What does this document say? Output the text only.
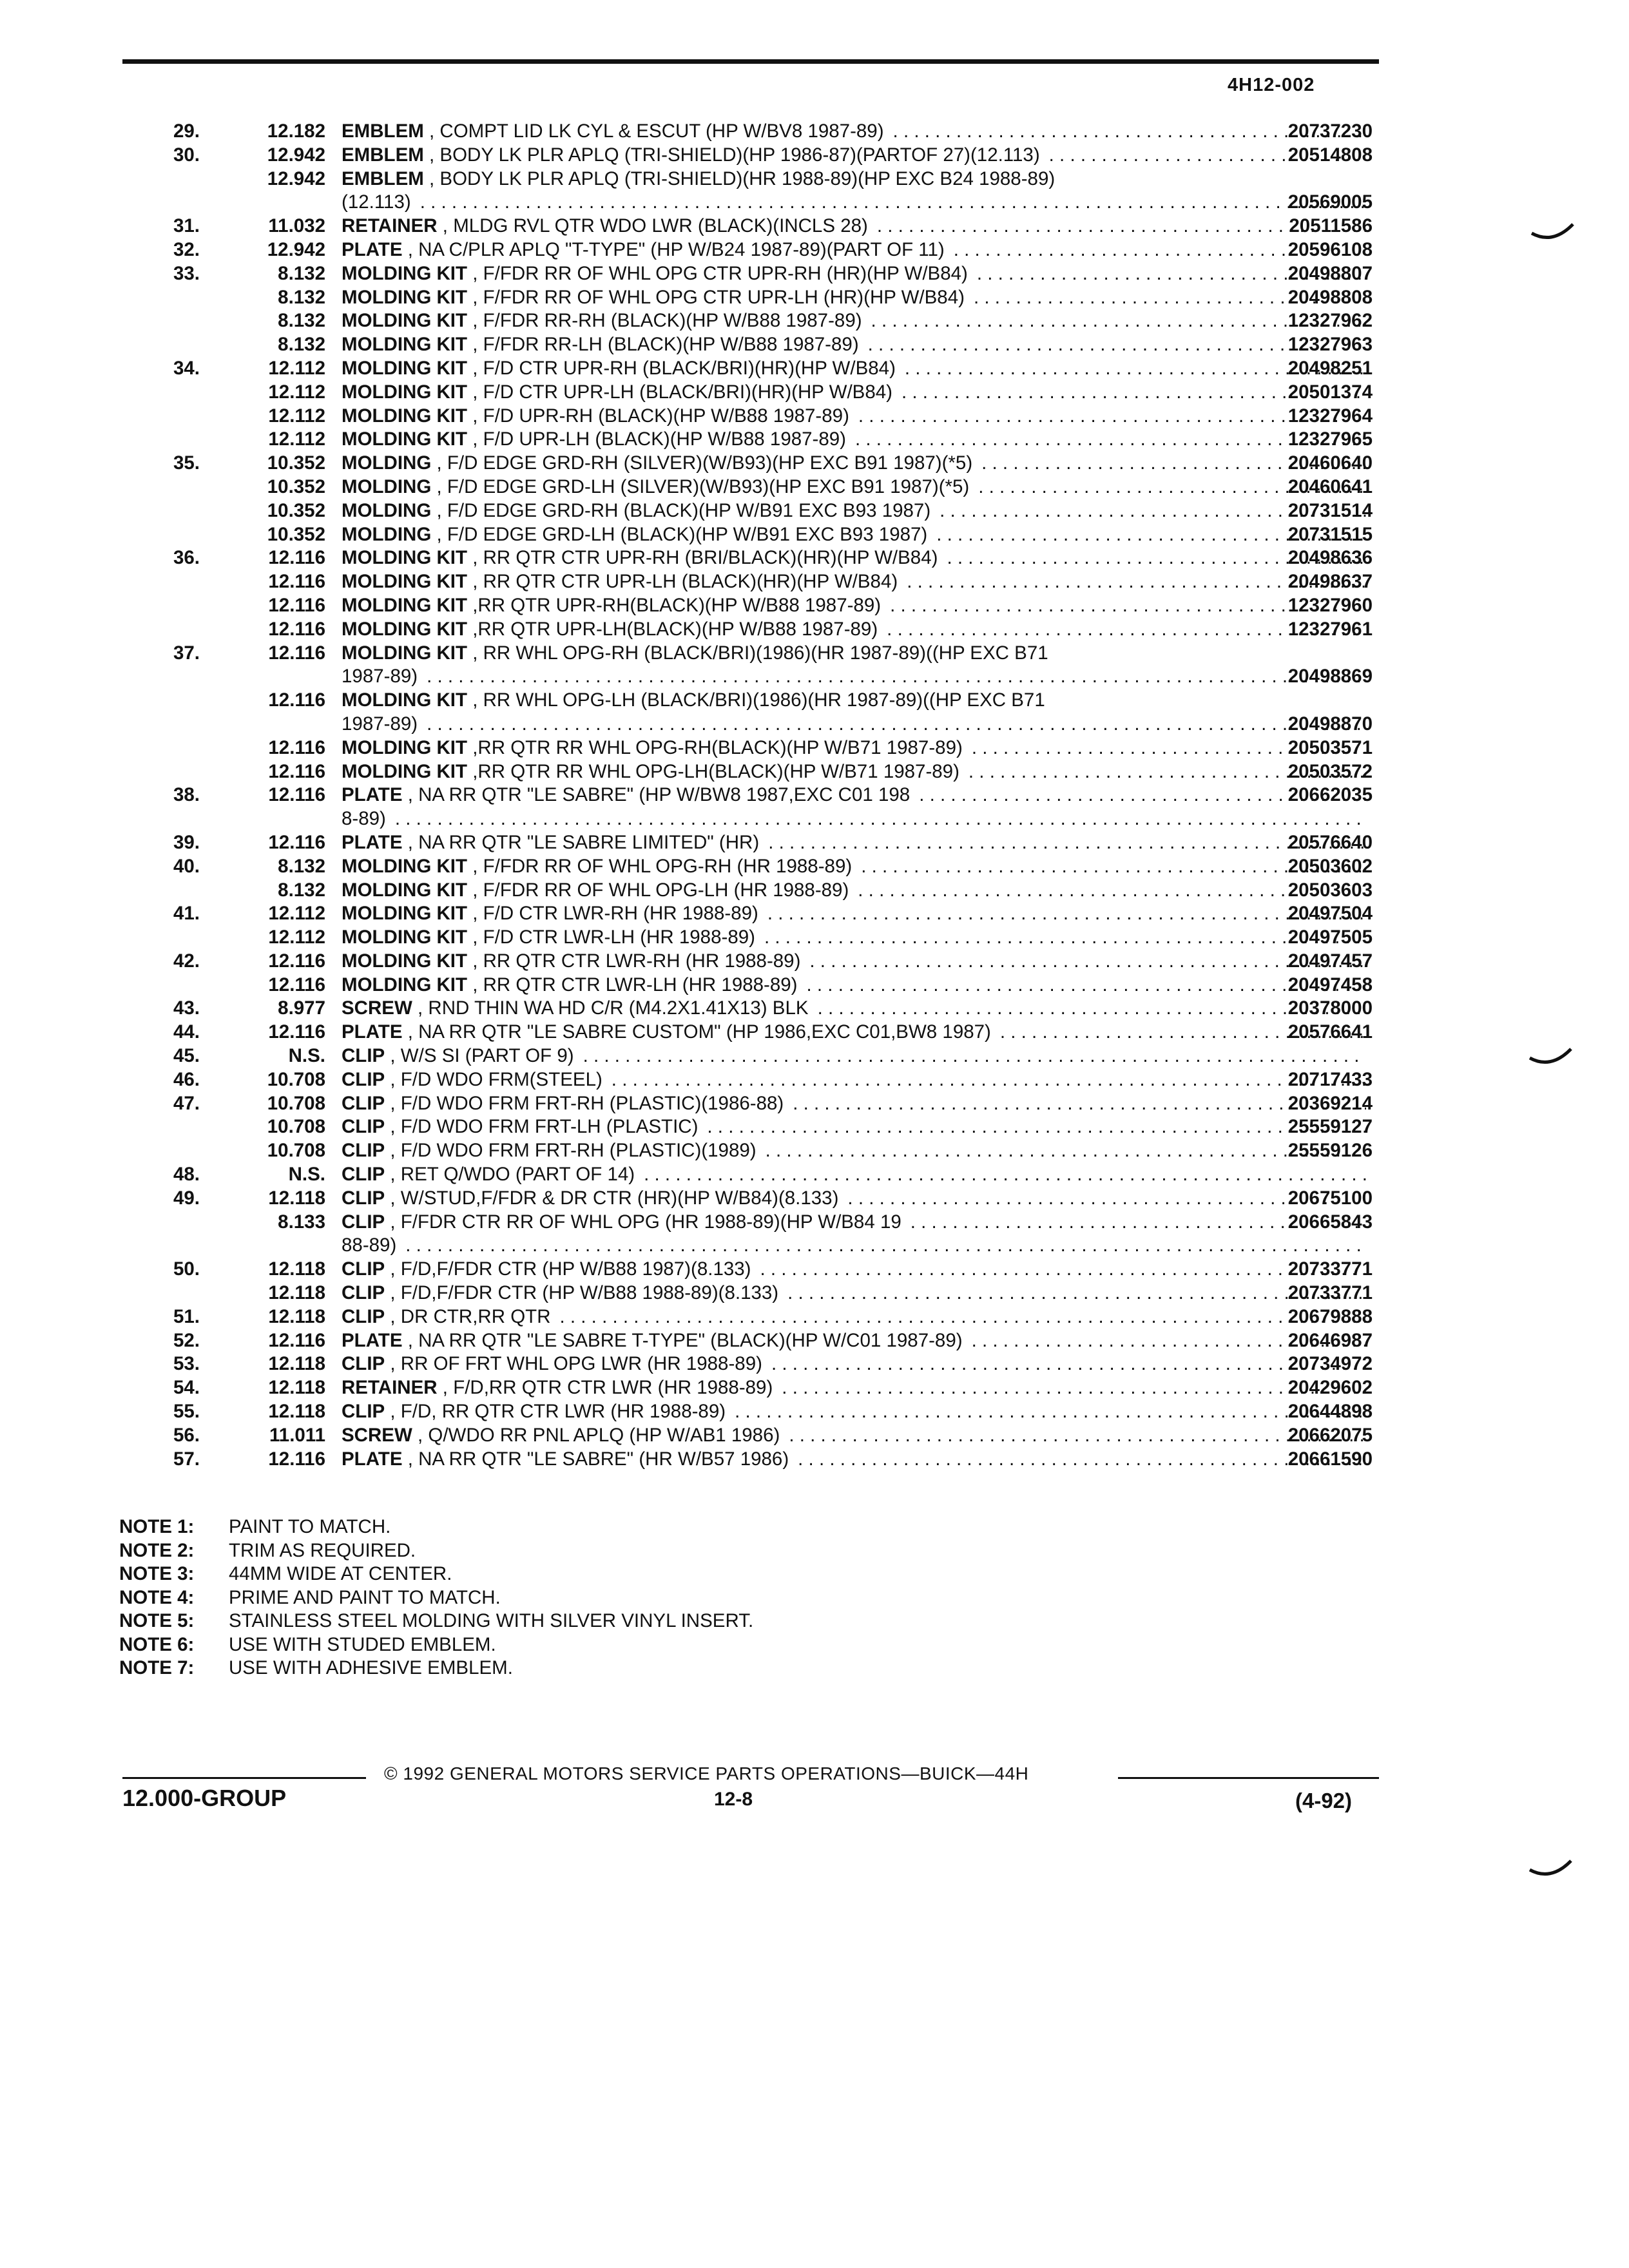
4H12-002
29.	12.182 EMBLEM , COMPT LID LK CYL & ESCUT (HP W/BV8 1987-89) . . .	20737230
30.	12.942 EMBLEM , BODY LK PLR APLQ (TRI-SHIELD)(HP 1986-87)(PARTOF 27)(12.113) . . .	20514808
12.942 EMBLEM , BODY LK PLR APLQ (TRI-SHIELD)(HR 1988-89)(HP EXC B24 1988-89)
(12.113) . . .	20569005
31.	11.032 RETAINER , MLDG RVL QTR WDO LWR (BLACK)(INCLS 28) . . .	20511586
32.	12.942 PLATE , NA C/PLR APLQ "T-TYPE" (HP W/B24 1987-89)(PART OF 11) . . .	20596108
33.	8.132 MOLDING KIT , F/FDR RR OF WHL OPG CTR UPR-RH (HR)(HP W/B84) . . .	20498807
8.132 MOLDING KIT , F/FDR RR OF WHL OPG CTR UPR-LH (HR)(HP W/B84) . . .	20498808
8.132 MOLDING KIT , F/FDR RR-RH (BLACK)(HP W/B88 1987-89) . . .	12327962
8.132 MOLDING KIT , F/FDR RR-LH (BLACK)(HP W/B88 1987-89) . . .	12327963
34.	12.112 MOLDING KIT , F/D CTR UPR-RH (BLACK/BRI)(HR)(HP W/B84) . . .	20498251
12.112 MOLDING KIT , F/D CTR UPR-LH (BLACK/BRI)(HR)(HP W/B84) . . .	20501374
12.112 MOLDING KIT , F/D UPR-RH (BLACK)(HP W/B88 1987-89) . . .	12327964
12.112 MOLDING KIT , F/D UPR-LH (BLACK)(HP W/B88 1987-89) . . .	12327965
35.	10.352 MOLDING , F/D EDGE GRD-RH (SILVER)(W/B93)(HP EXC B91 1987)(*5) . . .	20460640
10.352 MOLDING , F/D EDGE GRD-LH (SILVER)(W/B93)(HP EXC B91 1987)(*5) . . .	20460641
10.352 MOLDING , F/D EDGE GRD-RH (BLACK)(HP W/B91 EXC B93 1987) . . .	20731514
10.352 MOLDING , F/D EDGE GRD-LH (BLACK)(HP W/B91 EXC B93 1987) . . .	20731515
36.	12.116 MOLDING KIT , RR QTR CTR UPR-RH (BRI/BLACK)(HR)(HP W/B84) . . .	20498636
12.116 MOLDING KIT , RR QTR CTR UPR-LH (BLACK)(HR)(HP W/B84) . . .	20498637
12.116 MOLDING KIT ,RR QTR UPR-RH(BLACK)(HP W/B88 1987-89) . . .	12327960
12.116 MOLDING KIT ,RR QTR UPR-LH(BLACK)(HP W/B88 1987-89) . . .	12327961
37.	12.116 MOLDING KIT , RR WHL OPG-RH (BLACK/BRI)(1986)(HR 1987-89)((HP EXC B71
1987-89) . . .	20498869
12.116 MOLDING KIT , RR WHL OPG-LH (BLACK/BRI)(1986)(HR 1987-89)((HP EXC B71
1987-89) . . .	20498870
12.116 MOLDING KIT ,RR QTR RR WHL OPG-RH(BLACK)(HP W/B71 1987-89) . . .	20503571
12.116 MOLDING KIT ,RR QTR RR WHL OPG-LH(BLACK)(HP W/B71 1987-89) . . .	20503572
38.	12.116 PLATE , NA RR QTR "LE SABRE" (HP W/BW8 1987,EXC C01 198 . . .	20662035
8-89)
. . .
39.	12.116 PLATE , NA RR QTR "LE SABRE LIMITED" (HR) . . .	20576640
40.	8.132 MOLDING KIT , F/FDR RR OF WHL OPG-RH (HR 1988-89) . . .	20503602
8.132 MOLDING KIT , F/FDR RR OF WHL OPG-LH (HR 1988-89) . . .	20503603
41.	12.112 MOLDING KIT , F/D CTR LWR-RH (HR 1988-89) . . .	20497504
12.112 MOLDING KIT , F/D CTR LWR-LH (HR 1988-89) . . .	20497505
42.	12.116 MOLDING KIT , RR QTR CTR LWR-RH (HR 1988-89) . . .	20497457
12.116 MOLDING KIT , RR QTR CTR LWR-LH (HR 1988-89) . . .	20497458
43.	8.977 SCREW , RND THIN WA HD C/R (M4.2X1.41X13) BLK . . .	20378000
44.	12.116 PLATE , NA RR QTR "LE SABRE CUSTOM" (HP 1986,EXC C01,BW8 1987) . . .	20576641
45.	N.S. CLIP , W/S SI (PART OF 9)
. . .
46.	10.708 CLIP , F/D WDO FRM(STEEL) . . .	20717433
47.	10.708 CLIP , F/D WDO FRM FRT-RH (PLASTIC)(1986-88) . . .	20369214
10.708 CLIP , F/D WDO FRM FRT-LH (PLASTIC) . . .	25559127
10.708 CLIP , F/D WDO FRM FRT-RH (PLASTIC)(1989) . . .	25559126
48.	N.S. CLIP , RET Q/WDO (PART OF 14)
. . .
49.	12.118 CLIP , W/STUD,F/FDR & DR CTR (HR)(HP W/B84)(8.133) . . .	20675100
8.133 CLIP , F/FDR CTR RR OF WHL OPG (HR 1988-89)(HP W/B84 19 . . .	20665843
88-89)
. . .
50.	12.118 CLIP , F/D,F/FDR CTR (HP W/B88 1987)(8.133) . . .	20733771
12.118 CLIP , F/D,F/FDR CTR (HP W/B88 1988-89)(8.133) . . .	20733771
51.	12.118 CLIP , DR CTR,RR QTR . . .	20679888
52.	12.116 PLATE , NA RR QTR "LE SABRE T-TYPE" (BLACK)(HP W/C01 1987-89) . . .	20646987
53.	12.118 CLIP , RR OF FRT WHL OPG LWR (HR 1988-89) . . .	20734972
54.	12.118 RETAINER , F/D,RR QTR CTR LWR (HR 1988-89) . . .	20429602
55.	12.118 CLIP , F/D, RR QTR CTR LWR (HR 1988-89) . . .	20644898
56.	11.011 SCREW , Q/WDO RR PNL APLQ (HP W/AB1 1986) . . .	20662075
57.	12.116 PLATE , NA RR QTR "LE SABRE" (HR W/B57 1986) . . .	20661590
NOTE 1: PAINT TO MATCH.
NOTE 2: TRIM AS REQUIRED.
NOTE 3: 44MM WIDE AT CENTER.
NOTE 4: PRIME AND PAINT TO MATCH.
NOTE 5: STAINLESS STEEL MOLDING WITH SILVER VINYL INSERT.
NOTE 6: USE WITH STUDED EMBLEM.
NOTE 7: USE WITH ADHESIVE EMBLEM.
© 1992 GENERAL MOTORS SERVICE PARTS OPERATIONS—BUICK—44H
12.000-GROUP	12-8	(4-92)
